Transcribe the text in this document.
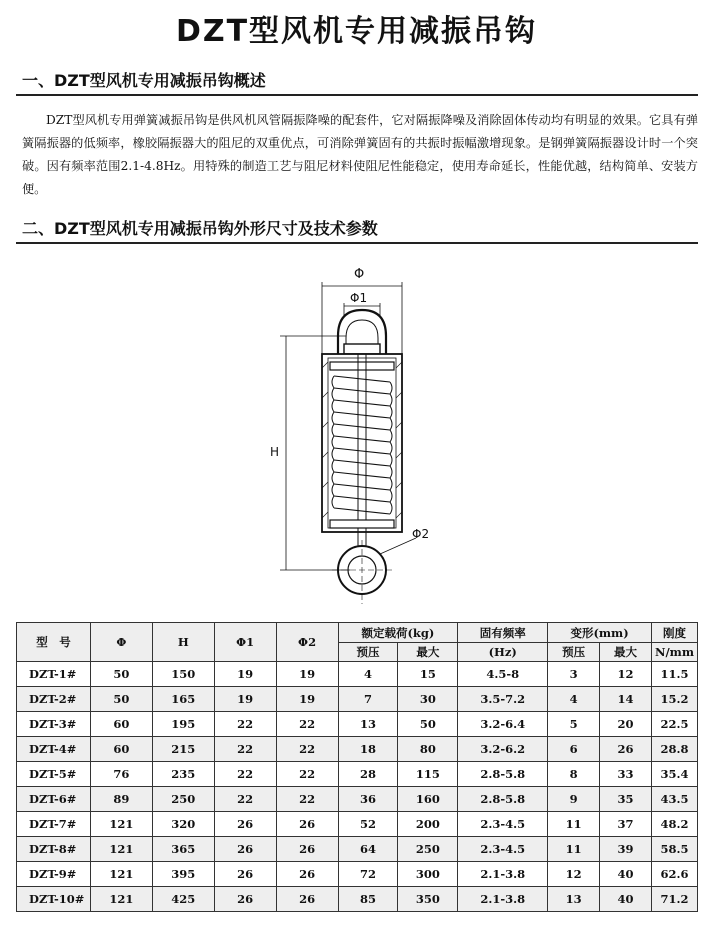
DZT型风机专用减振吊钩
一、DZT型风机专用减振吊钩概述
DZT型风机专用弹簧减振吊钩是供风机风管隔振降噪的配套件，它对隔振降噪及消除固体传动均有明显的效果。它具有弹簧隔振器的低频率，橡胶隔振器大的阻尼的双重优点，可消除弹簧固有的共振时振幅激增现象。是钢弹簧隔振器设计时一个突破。因有频率范围2.1-4.8Hz。用特殊的制造工艺与阻尼材料使阻尼性能稳定，使用寿命延长，性能优越，结构简单、安装方便。
二、DZT型风机专用减振吊钩外形尺寸及技术参数
Φ
Φ1
Φ2
H
型　号	Φ	H	Φ1	Φ2	额定载荷(kg)		固有频率	变形(mm)		刚度
					预压	最大	(Hz)	预压	最大	N/mm
DZT-1#	50	150	19	19	4	15	4.5-8	3	12	11.5
DZT-2#	50	165	19	19	7	30	3.5-7.2	4	14	15.2
DZT-3#	60	195	22	22	13	50	3.2-6.4	5	20	22.5
DZT-4#	60	215	22	22	18	80	3.2-6.2	6	26	28.8
DZT-5#	76	235	22	22	28	115	2.8-5.8	8	33	35.4
DZT-6#	89	250	22	22	36	160	2.8-5.8	9	35	43.5
DZT-7#	121	320	26	26	52	200	2.3-4.5	11	37	48.2
DZT-8#	121	365	26	26	64	250	2.3-4.5	11	39	58.5
DZT-9#	121	395	26	26	72	300	2.1-3.8	12	40	62.6
DZT-10#	121	425	26	26	85	350	2.1-3.8	13	40	71.2
